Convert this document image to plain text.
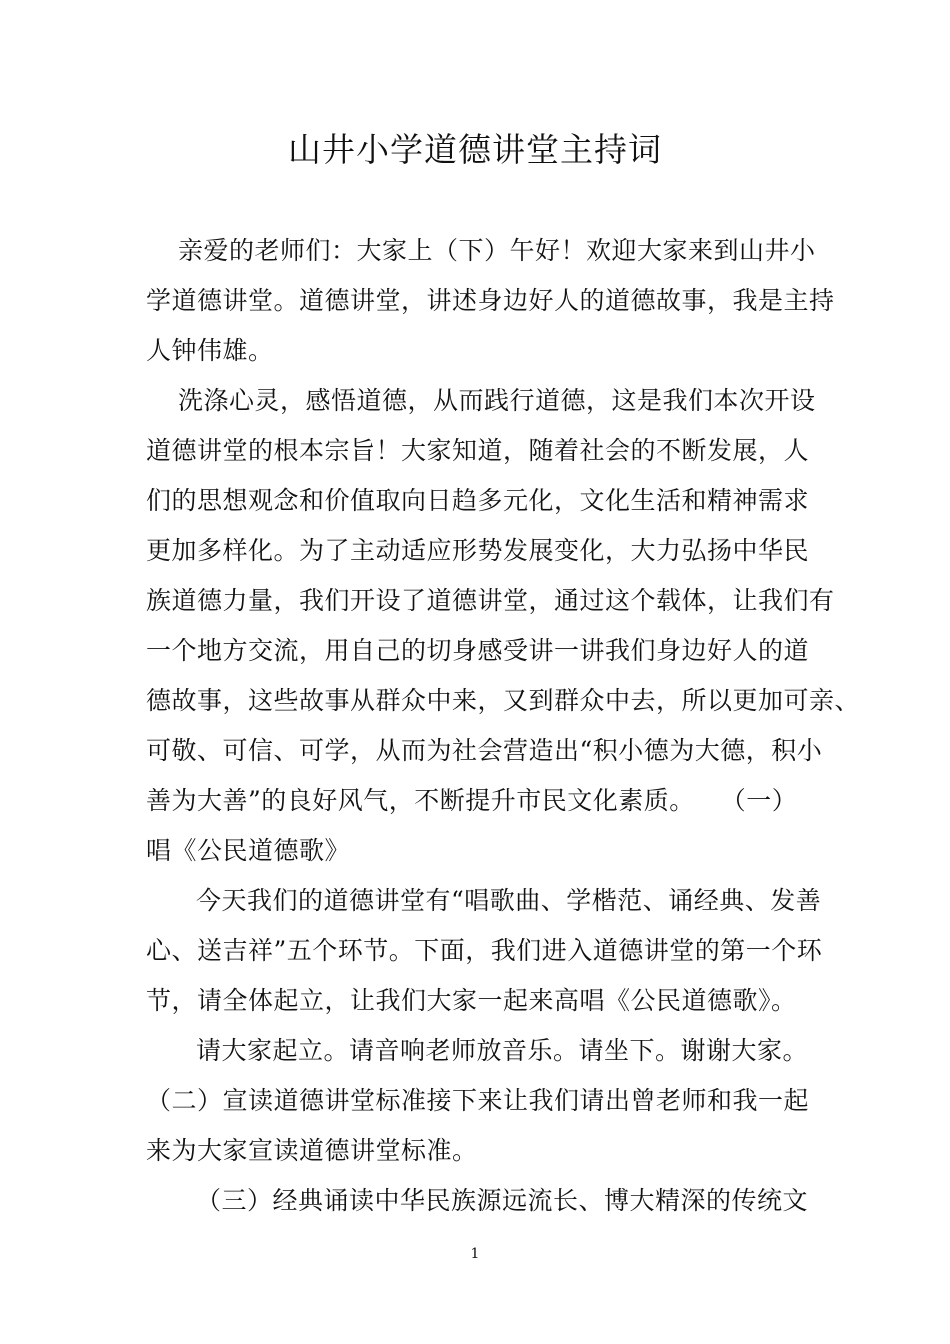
山井小学道德讲堂主持词
亲爱的老师们：大家上（下）午好！欢迎大家来到山井小
学道德讲堂。道德讲堂，讲述身边好人的道德故事，我是主持
人钟伟雄。
洗涤心灵，感悟道德，从而践行道德，这是我们本次开设
道德讲堂的根本宗旨！大家知道，随着社会的不断发展，人
们的思想观念和价值取向日趋多元化，文化生活和精神需求
更加多样化。为了主动适应形势发展变化，大力弘扬中华民
族道德力量，我们开设了道德讲堂，通过这个载体，让我们有
一个地方交流，用自己的切身感受讲一讲我们身边好人的道
德故事，这些故事从群众中来，又到群众中去，所以更加可亲、
可敬、可信、可学，从而为社会营造出“积小德为大德，积小
善为大善”的良好风气，不断提升市民文化素质。　　（一）
唱《公民道德歌》
今天我们的道德讲堂有“唱歌曲、学楷范、诵经典、发善
心、送吉祥”五个环节。下面，我们进入道德讲堂的第一个环
节，请全体起立，让我们大家一起来高唱《公民道德歌》。
请大家起立。请音响老师放音乐。请坐下。谢谢大家。
（二）宣读道德讲堂标准接下来让我们请出曾老师和我一起
来为大家宣读道德讲堂标准。
（三）经典诵读中华民族源远流长、博大精深的传统文
1
